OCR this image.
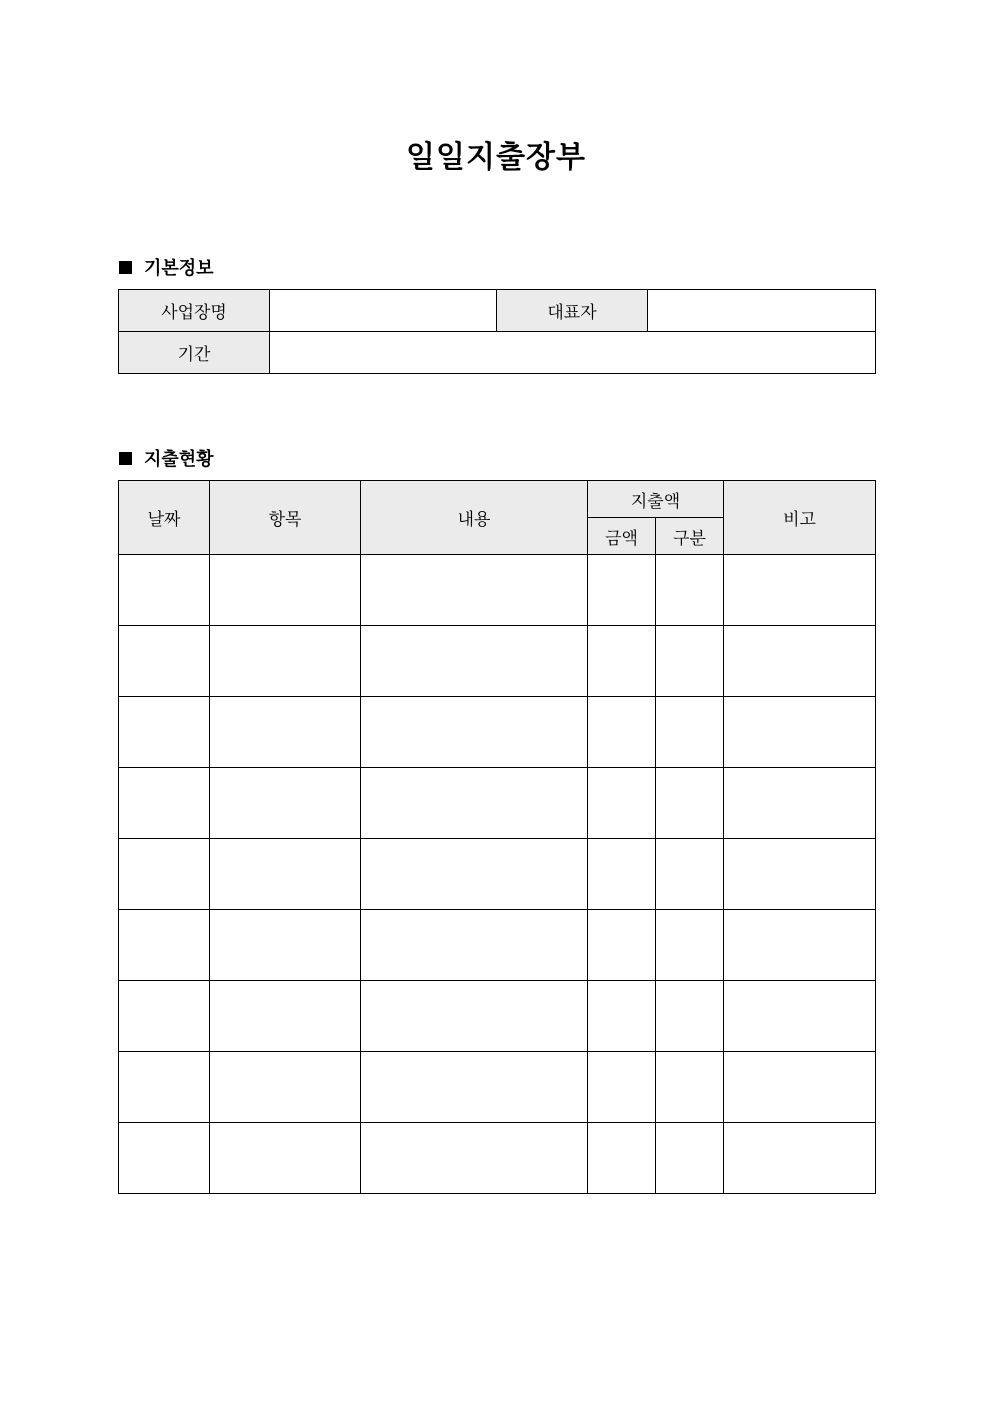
일일지출장부
기본정보
사업장명		대표자	
기간			
지출현황
날짜	항목	내용	지출액		비고
			금액	구분	
